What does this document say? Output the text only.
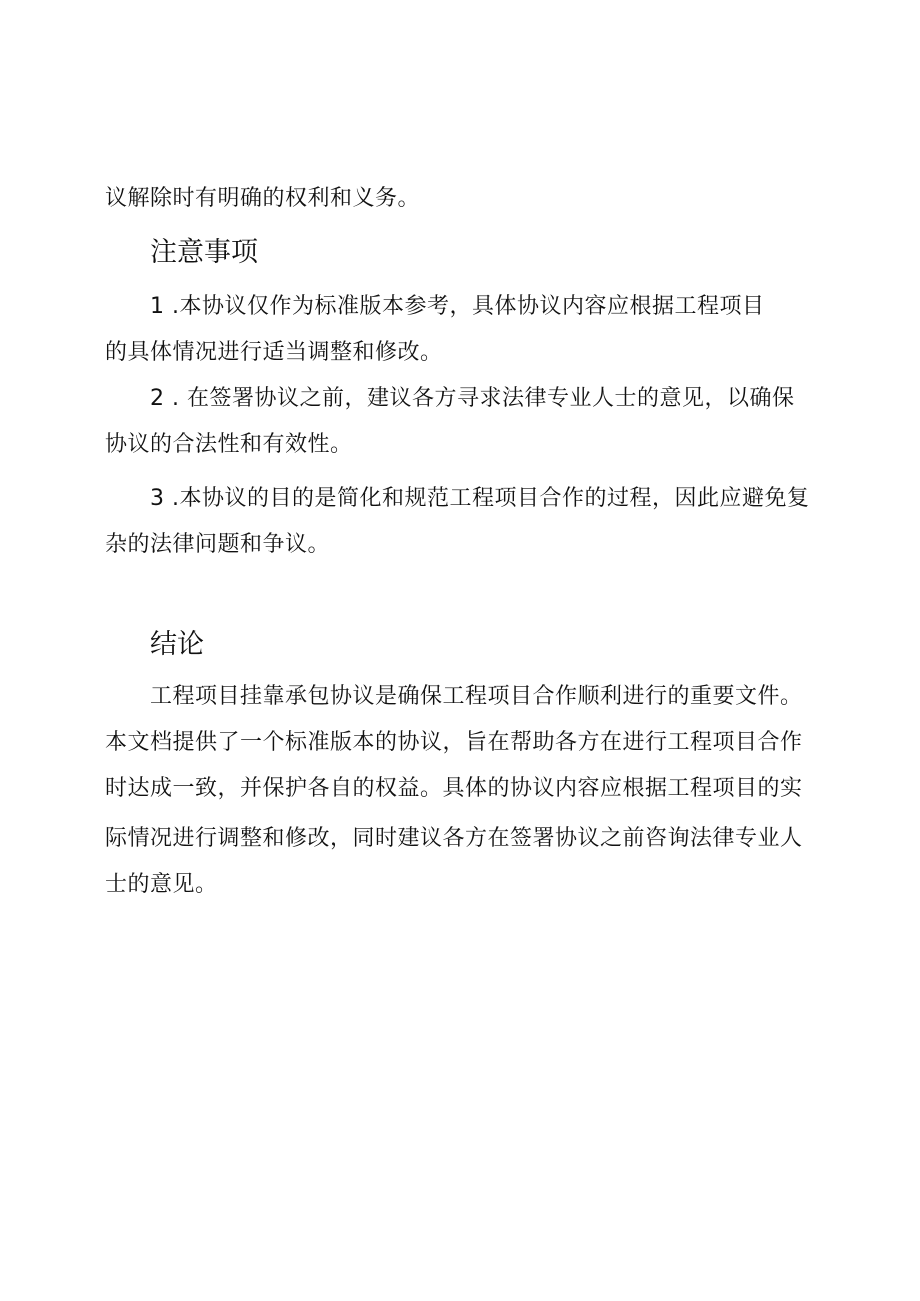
议解除时有明确的权利和义务。
注意事项
1 .本协议仅作为标准版本参考，具体协议内容应根据工程项目
的具体情况进行适当调整和修改。
2 . 在签署协议之前，建议各方寻求法律专业人士的意见，以确保
协议的合法性和有效性。
3 .本协议的目的是简化和规范工程项目合作的过程，因此应避免复
杂的法律问题和争议。
结论
工程项目挂靠承包协议是确保工程项目合作顺利进行的重要文件。
本文档提供了一个标准版本的协议，旨在帮助各方在进行工程项目合作
时达成一致，并保护各自的权益。具体的协议内容应根据工程项目的实
际情况进行调整和修改，同时建议各方在签署协议之前咨询法律专业人
士的意见。
